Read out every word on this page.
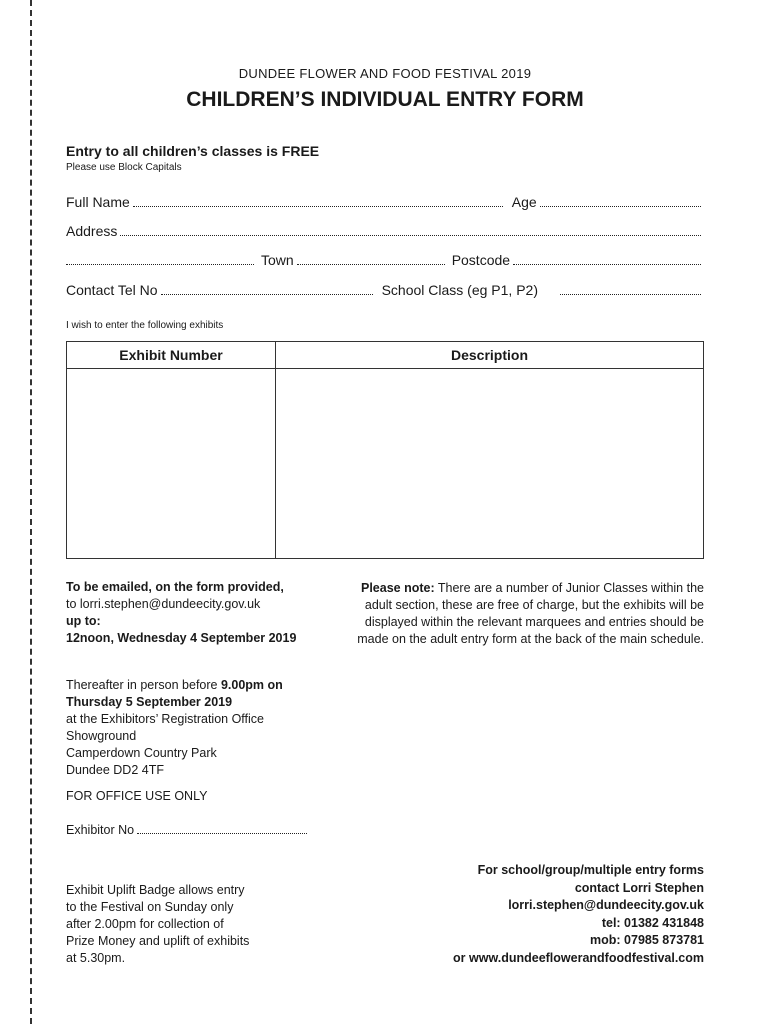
DUNDEE FLOWER AND FOOD FESTIVAL 2019
CHILDREN’S INDIVIDUAL ENTRY FORM
Entry to all children’s classes is FREE
Please use Block Capitals
Full Name	Age
Address
Town	Postcode
Contact Tel No	School Class (eg P1, P2)
I wish to enter the following exhibits
Exhibit Number	Description

To be emailed, on the form provided,
to lorri.stephen@dundeecity.gov.uk
up to:
12noon, Wednesday 4 September 2019
Please note: There are a number of Junior Classes within the adult section, these are free of charge, but the exhibits will be displayed within the relevant marquees and entries should be made on the adult entry form at the back of the main schedule.
Thereafter in person before 9.00pm on
Thursday 5 September 2019
at the Exhibitors’ Registration Office
Showground
Camperdown Country Park
Dundee DD2 4TF
FOR OFFICE USE ONLY
Exhibitor No
Exhibit Uplift Badge allows entry
to the Festival on Sunday only
after 2.00pm for collection of
Prize Money and uplift of exhibits
at 5.30pm.
For school/group/multiple entry forms
contact Lorri Stephen
lorri.stephen@dundeecity.gov.uk
tel: 01382 431848
mob: 07985 873781
or www.dundeeflowerandfoodfestival.com
